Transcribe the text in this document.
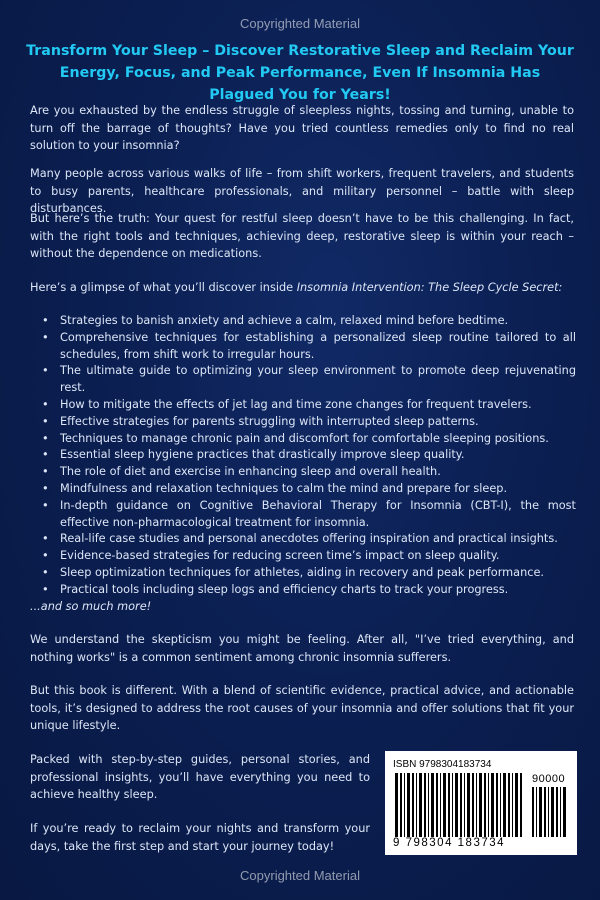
Copyrighted Material
Transform Your Sleep – Discover Restorative Sleep and Reclaim Your Energy, Focus, and Peak Performance, Even If Insomnia Has Plagued You for Years!
Are you exhausted by the endless struggle of sleepless nights, tossing and turning, unable to turn off the barrage of thoughts? Have you tried countless remedies only to find no real solution to your insomnia?
Many people across various walks of life – from shift workers, frequent travelers, and students to busy parents, healthcare professionals, and military personnel – battle with sleep disturbances.
But here’s the truth: Your quest for restful sleep doesn’t have to be this challenging. In fact, with the right tools and techniques, achieving deep, restorative sleep is within your reach – without the dependence on medications.
Here’s a glimpse of what you’ll discover inside Insomnia Intervention: The Sleep Cycle Secret:
• Strategies to banish anxiety and achieve a calm, relaxed mind before bedtime.
• Comprehensive techniques for establishing a personalized sleep routine tailored to all schedules, from shift work to irregular hours.
• The ultimate guide to optimizing your sleep environment to promote deep rejuvenating rest.
• How to mitigate the effects of jet lag and time zone changes for frequent travelers.
• Effective strategies for parents struggling with interrupted sleep patterns.
• Techniques to manage chronic pain and discomfort for comfortable sleeping positions.
• Essential sleep hygiene practices that drastically improve sleep quality.
• The role of diet and exercise in enhancing sleep and overall health.
• Mindfulness and relaxation techniques to calm the mind and prepare for sleep.
• In-depth guidance on Cognitive Behavioral Therapy for Insomnia (CBT-I), the most effective non-pharmacological treatment for insomnia.
• Real-life case studies and personal anecdotes offering inspiration and practical insights.
• Evidence-based strategies for reducing screen time’s impact on sleep quality.
• Sleep optimization techniques for athletes, aiding in recovery and peak performance.
• Practical tools including sleep logs and efficiency charts to track your progress.
...and so much more!
We understand the skepticism you might be feeling. After all, "I’ve tried everything, and nothing works" is a common sentiment among chronic insomnia sufferers.
But this book is different. With a blend of scientific evidence, practical advice, and actionable tools, it’s designed to address the root causes of your insomnia and offer solutions that fit your unique lifestyle.
Packed with step-by-step guides, personal stories, and professional insights, you’ll have everything you need to achieve healthy sleep.
If you’re ready to reclaim your nights and transform your days, take the first step and start your journey today!
ISBN 9798304183734
9 798304 183734
90000
Copyrighted Material
